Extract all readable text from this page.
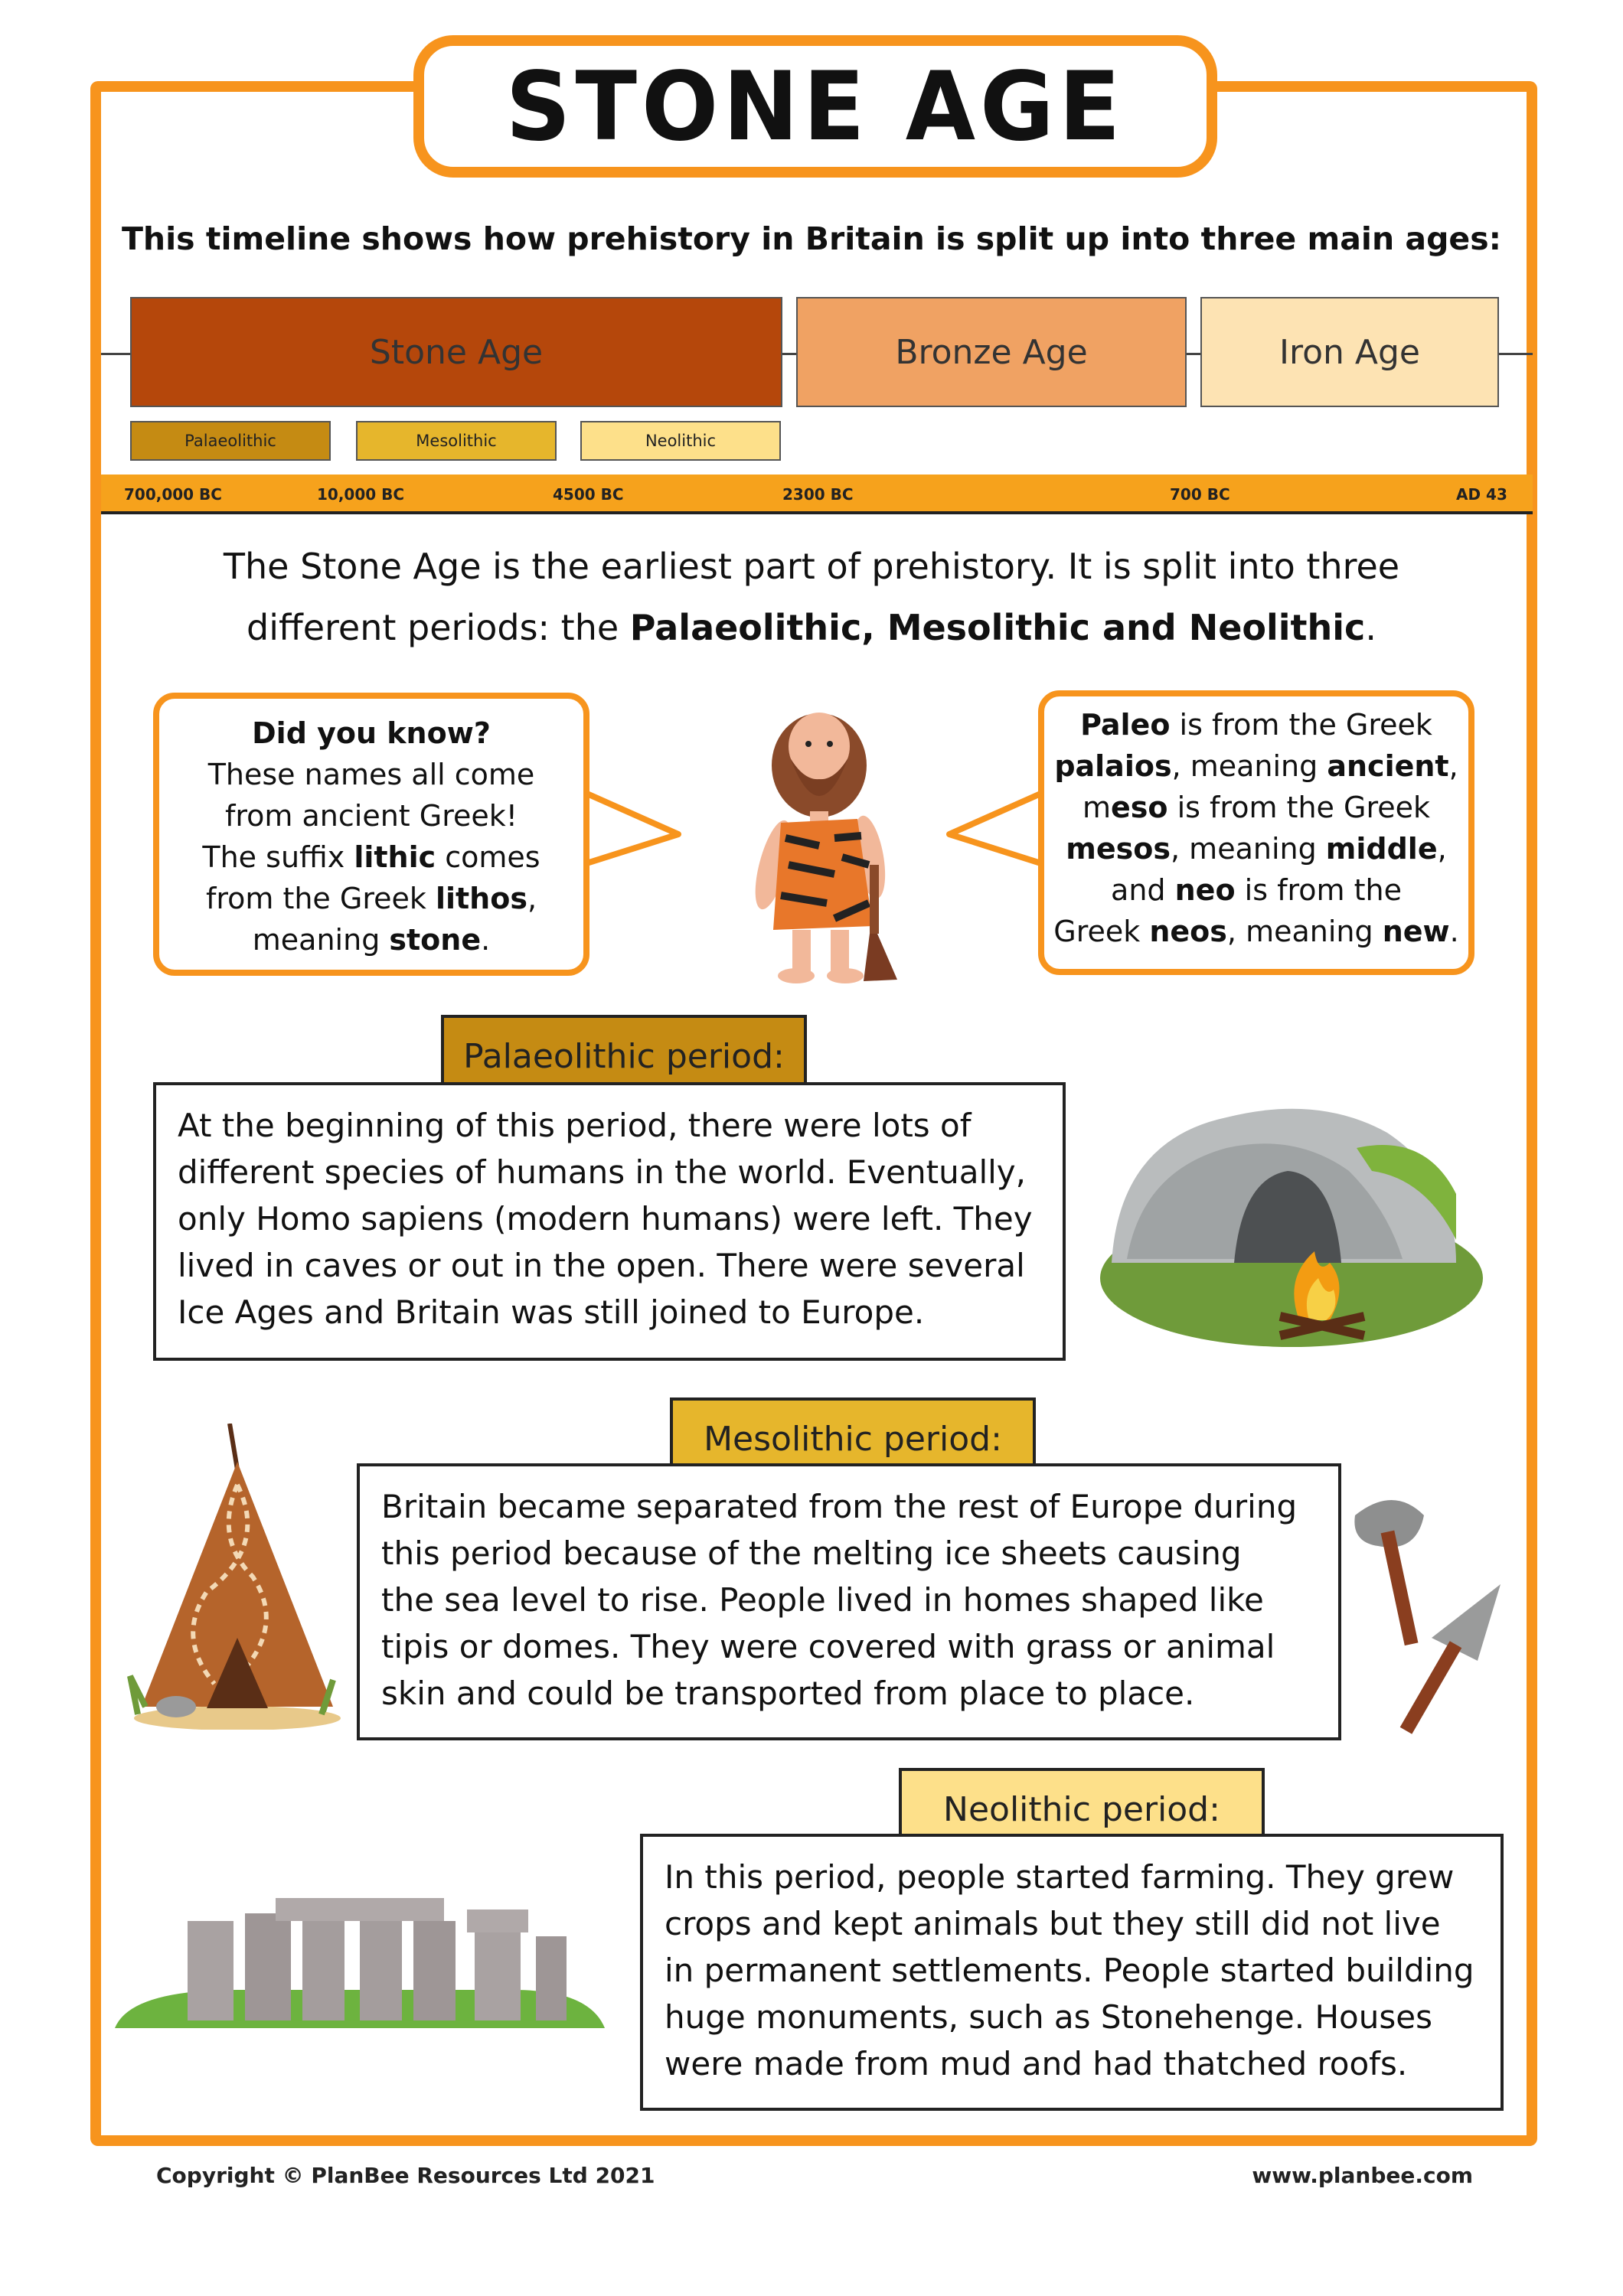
STONE AGE
This timeline shows how prehistory in Britain is split up into three main ages:
Stone Age	Bronze Age	Iron Age
Palaeolithic	Mesolithic	Neolithic
700,000 BC	10,000 BC	4500 BC	2300 BC	700 BC	AD 43
The Stone Age is the earliest part of prehistory. It is split into three
different periods: the Palaeolithic, Mesolithic and Neolithic.
Did you know?
These names all come
from ancient Greek!
The suffix lithic comes
from the Greek lithos,
meaning stone.
Paleo is from the Greek
palaios, meaning ancient,
meso is from the Greek
mesos, meaning middle,
and neo is from the
Greek neos, meaning new.
Palaeolithic period:
At the beginning of this period, there were lots of
different species of humans in the world. Eventually,
only Homo sapiens (modern humans) were left. They
lived in caves or out in the open. There were several
Ice Ages and Britain was still joined to Europe.
Mesolithic period:
Britain became separated from the rest of Europe during
this period because of the melting ice sheets causing
the sea level to rise. People lived in homes shaped like
tipis or domes. They were covered with grass or animal
skin and could be transported from place to place.
Neolithic period:
In this period, people started farming. They grew
crops and kept animals but they still did not live
in permanent settlements. People started building
huge monuments, such as Stonehenge. Houses
were made from mud and had thatched roofs.
Copyright © PlanBee Resources Ltd 2021	www.planbee.com
